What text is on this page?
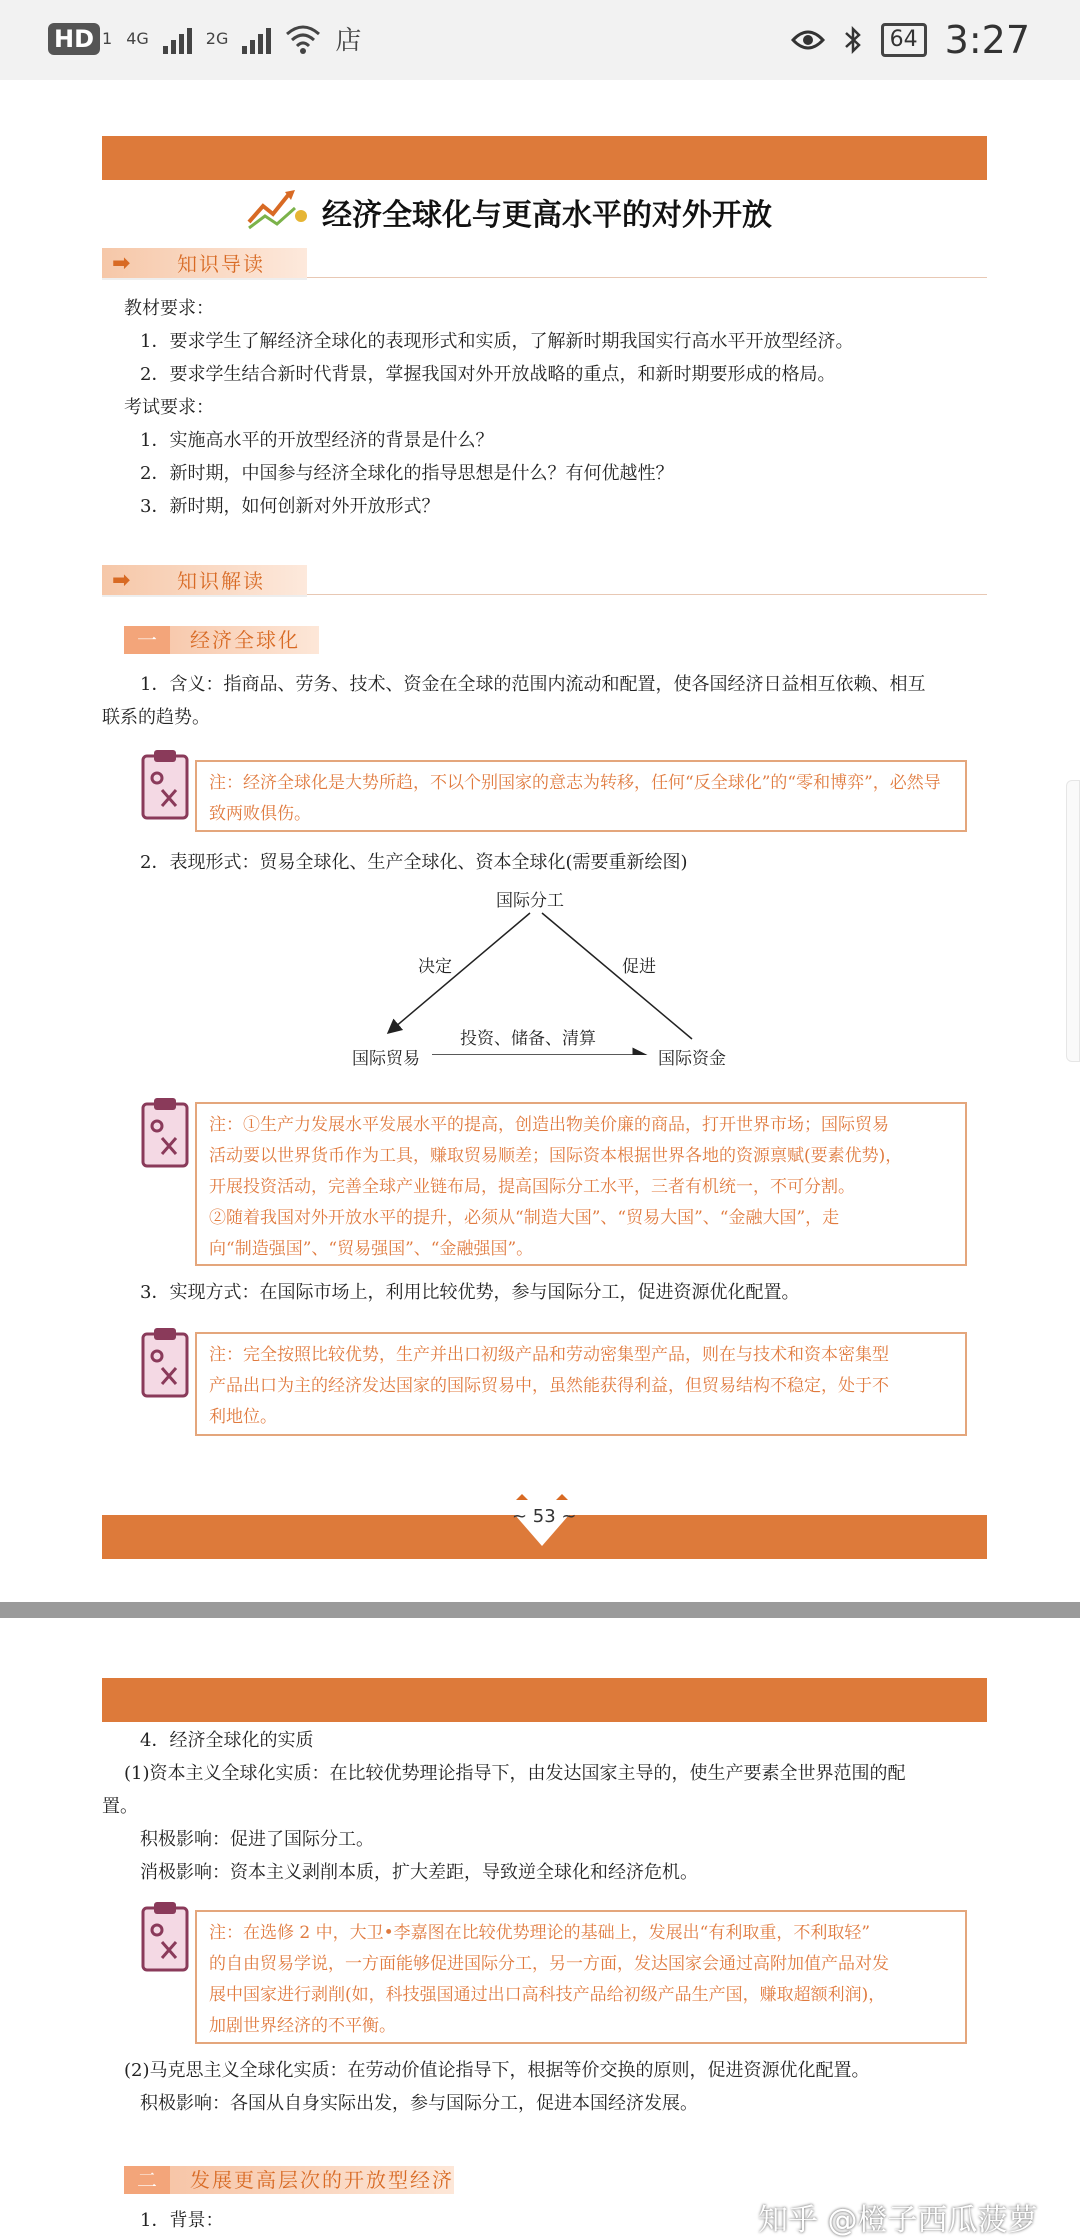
HD 1 4G	2G	店	64 3:27
经济全球化与更高水平的对外开放
➡ 知识导读
教材要求：
1．要求学生了解经济全球化的表现形式和实质，了解新时期我国实行高水平开放型经济。
2．要求学生结合新时代背景，掌握我国对外开放战略的重点，和新时期要形成的格局。
考试要求：
1．实施高水平的开放型经济的背景是什么？
2．新时期，中国参与经济全球化的指导思想是什么？有何优越性？
3．新时期，如何创新对外开放形式？
➡ 知识解读
一	经济全球化
1．含义：指商品、劳务、技术、资金在全球的范围内流动和配置，使各国经济日益相互依赖、相互
联系的趋势。
注：经济全球化是大势所趋，不以个别国家的意志为转移，任何“反全球化”的“零和博弈”，必然导致两败俱伤。
2．表现形式：贸易全球化、生产全球化、资本全球化(需要重新绘图)
国际分工
决定	促进
投资、储备、清算
国际贸易	国际资金
注：①生产力发展水平发展水平的提高，创造出物美价廉的商品，打开世界市场；国际贸易
活动要以世界货币作为工具，赚取贸易顺差；国际资本根据世界各地的资源禀赋(要素优势)，
开展投资活动，完善全球产业链布局，提高国际分工水平，三者有机统一，不可分割。
②随着我国对外开放水平的提升，必须从“制造大国”、“贸易大国”、“金融大国”，走
向“制造强国”、“贸易强国”、“金融强国”。
3．实现方式：在国际市场上，利用比较优势，参与国际分工，促进资源优化配置。
注：完全按照比较优势，生产并出口初级产品和劳动密集型产品，则在与技术和资本密集型
产品出口为主的经济发达国家的国际贸易中，虽然能获得利益，但贸易结构不稳定，处于不
利地位。
~ 53 ~
4．经济全球化的实质
(1)资本主义全球化实质：在比较优势理论指导下，由发达国家主导的，使生产要素全世界范围的配
置。
积极影响：促进了国际分工。
消极影响：资本主义剥削本质，扩大差距，导致逆全球化和经济危机。
注：在选修 2 中，大卫•李嘉图在比较优势理论的基础上，发展出“有利取重，不利取轻”
的自由贸易学说，一方面能够促进国际分工，另一方面，发达国家会通过高附加值产品对发
展中国家进行剥削(如，科技强国通过出口高科技产品给初级产品生产国，赚取超额利润)，
加剧世界经济的不平衡。
(2)马克思主义全球化实质：在劳动价值论指导下，根据等价交换的原则，促进资源优化配置。
积极影响：各国从自身实际出发，参与国际分工，促进本国经济发展。
二	发展更高层次的开放型经济
1．背景：	知乎 @橙子西瓜菠萝
